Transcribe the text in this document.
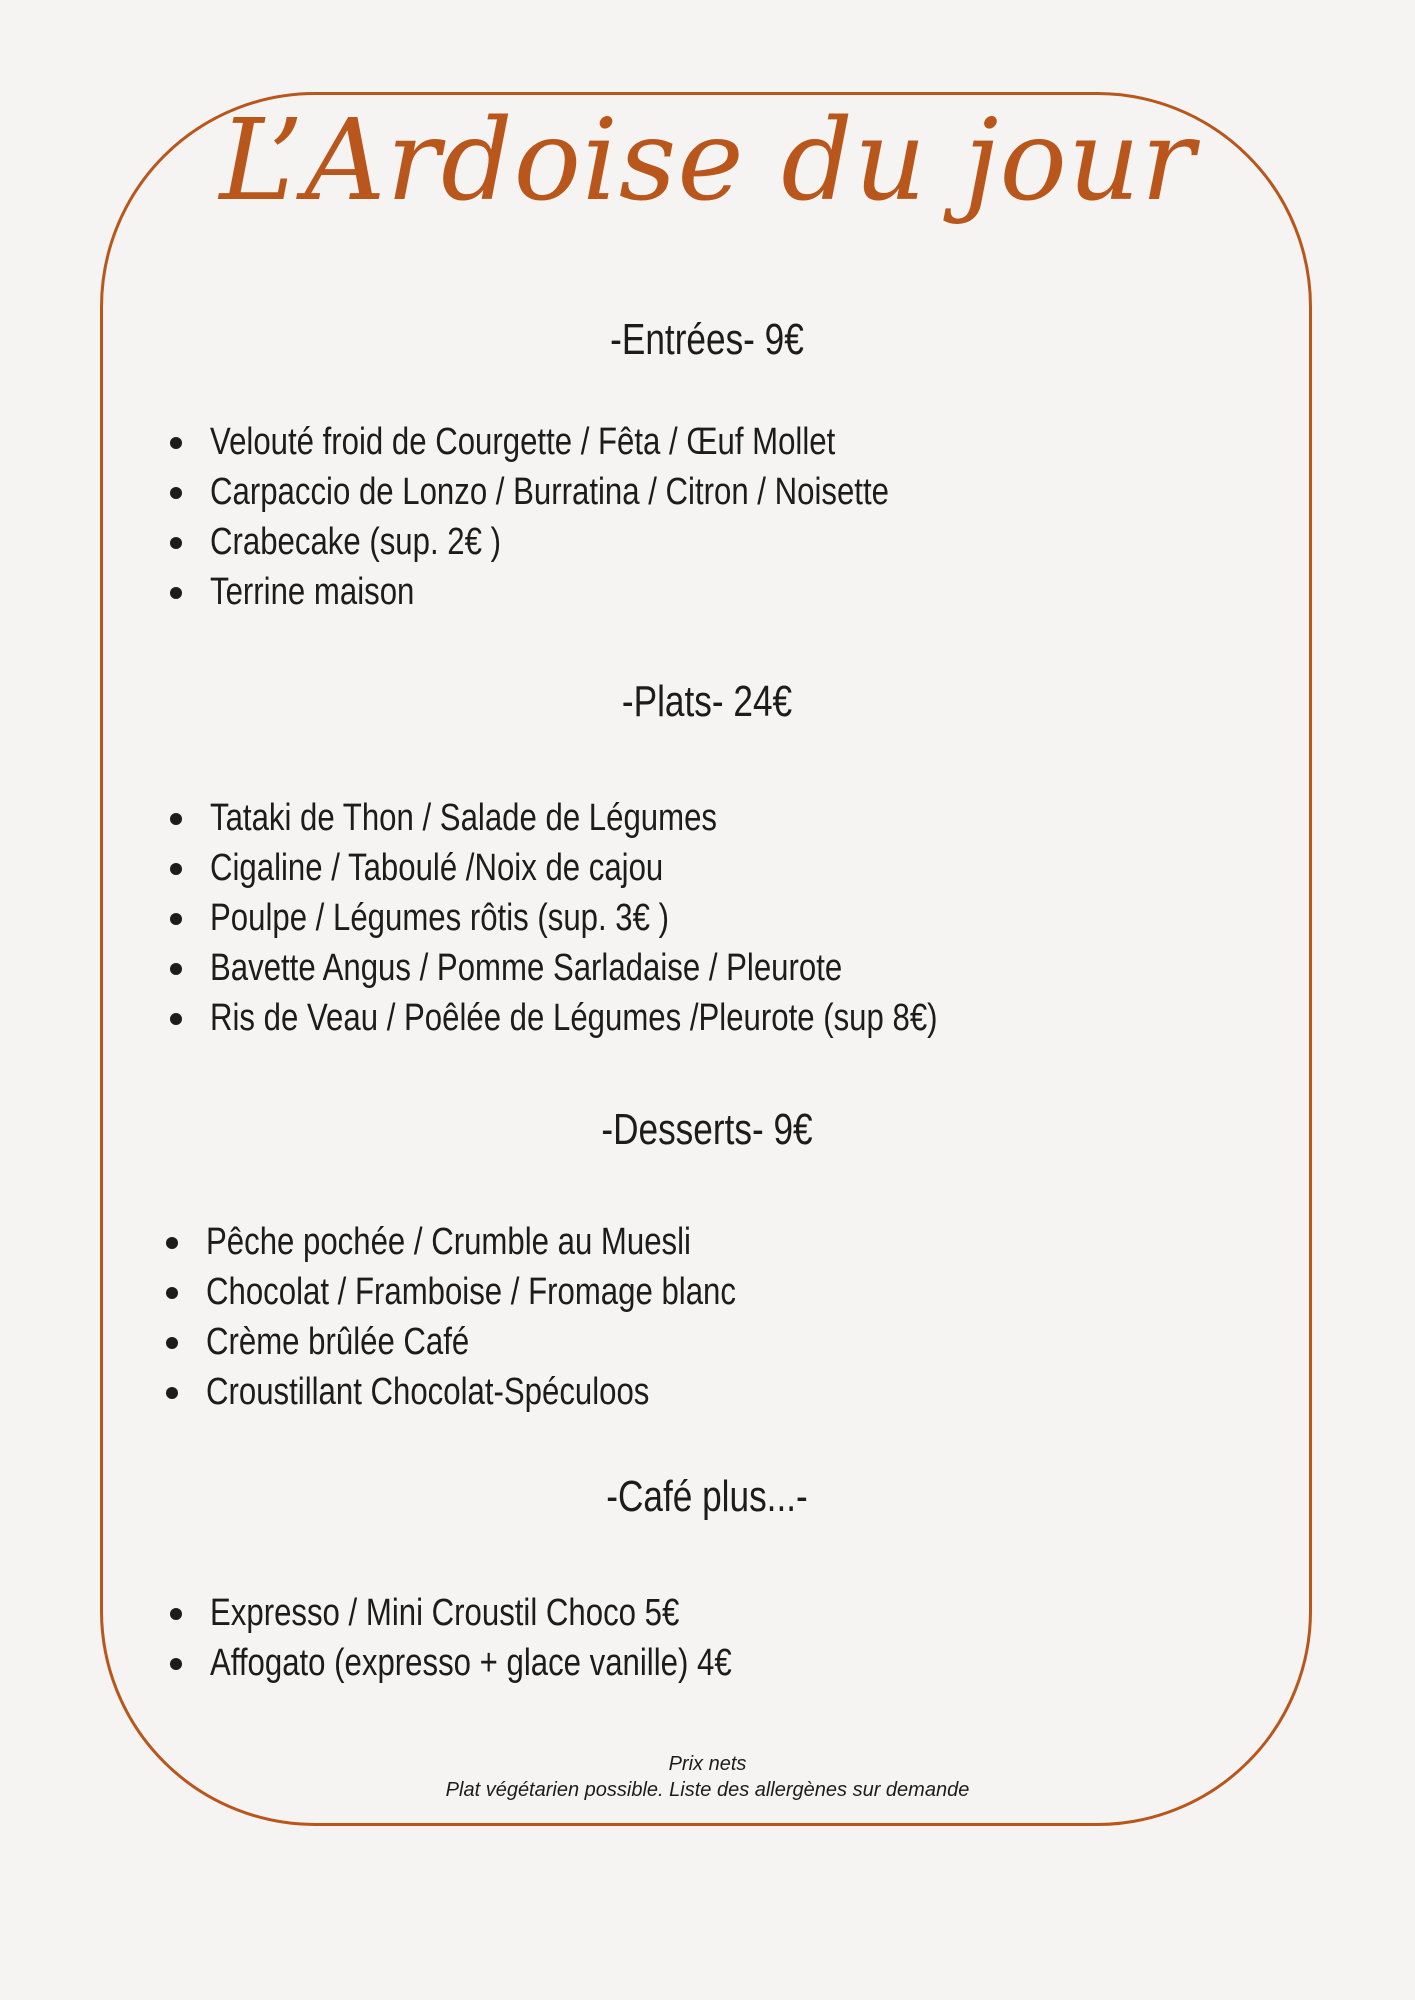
L’Ardoise du jour
-Entrées- 9€
Velouté froid de Courgette / Fêta / Œuf Mollet
Carpaccio de Lonzo / Burratina / Citron / Noisette
Crabecake (sup. 2€ )
Terrine maison
-Plats- 24€
Tataki de Thon / Salade de Légumes
Cigaline / Taboulé /Noix de cajou
Poulpe / Légumes rôtis (sup. 3€ )
Bavette Angus / Pomme Sarladaise / Pleurote
Ris de Veau / Poêlée de Légumes /Pleurote (sup 8€)
-Desserts- 9€
Pêche pochée / Crumble au Muesli
Chocolat / Framboise / Fromage blanc
Crème brûlée Café
Croustillant Chocolat-Spéculoos
-Café plus...-
Expresso / Mini Croustil Choco 5€
Affogato (expresso + glace vanille) 4€

Prix nets

Plat végétarien possible. Liste des allergènes sur demande
